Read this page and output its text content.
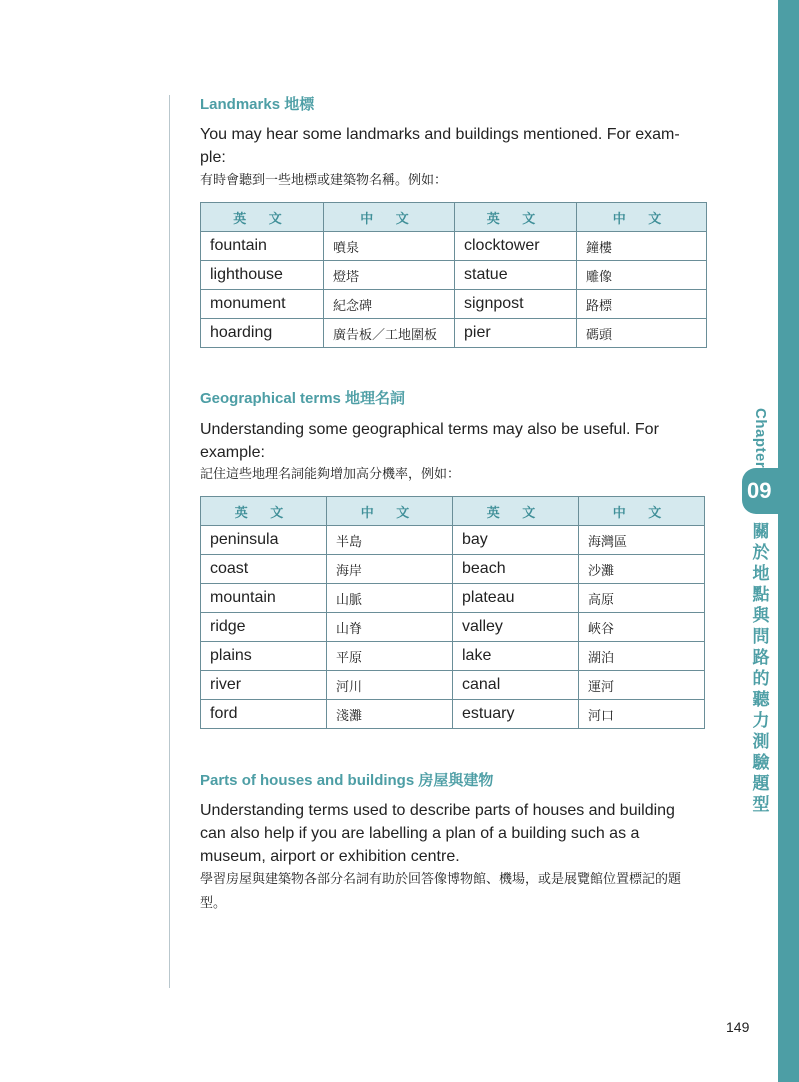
Chapter
09
關
於
地
點
與
問
路
的
聽
力
測
驗
題
型
Landmarks 地標
You may hear some landmarks and buildings mentioned. For exam-ple:
有時會聽到一些地標或建築物名稱。例如：
英 文	中 文	英 文	中 文
fountain	噴泉	clocktower	鐘樓
lighthouse	燈塔	statue	雕像
monument	紀念碑	signpost	路標
hoarding	廣告板／工地圍板	pier	碼頭
Geographical terms 地理名詞
Understanding some geographical terms may also be useful. For example:
記住這些地理名詞能夠增加高分機率，例如：
英 文	中 文	英 文	中 文
peninsula	半島	bay	海灣區
coast	海岸	beach	沙灘
mountain	山脈	plateau	高原
ridge	山脊	valley	峽谷
plains	平原	lake	湖泊
river	河川	canal	運河
ford	淺灘	estuary	河口
Parts of houses and buildings 房屋與建物
Understanding terms used to describe parts of houses and building can also help if you are labelling a plan of a building such as a museum, airport or exhibition centre.
學習房屋與建築物各部分名詞有助於回答像博物館、機場，或是展覽館位置標記的題型。
149
